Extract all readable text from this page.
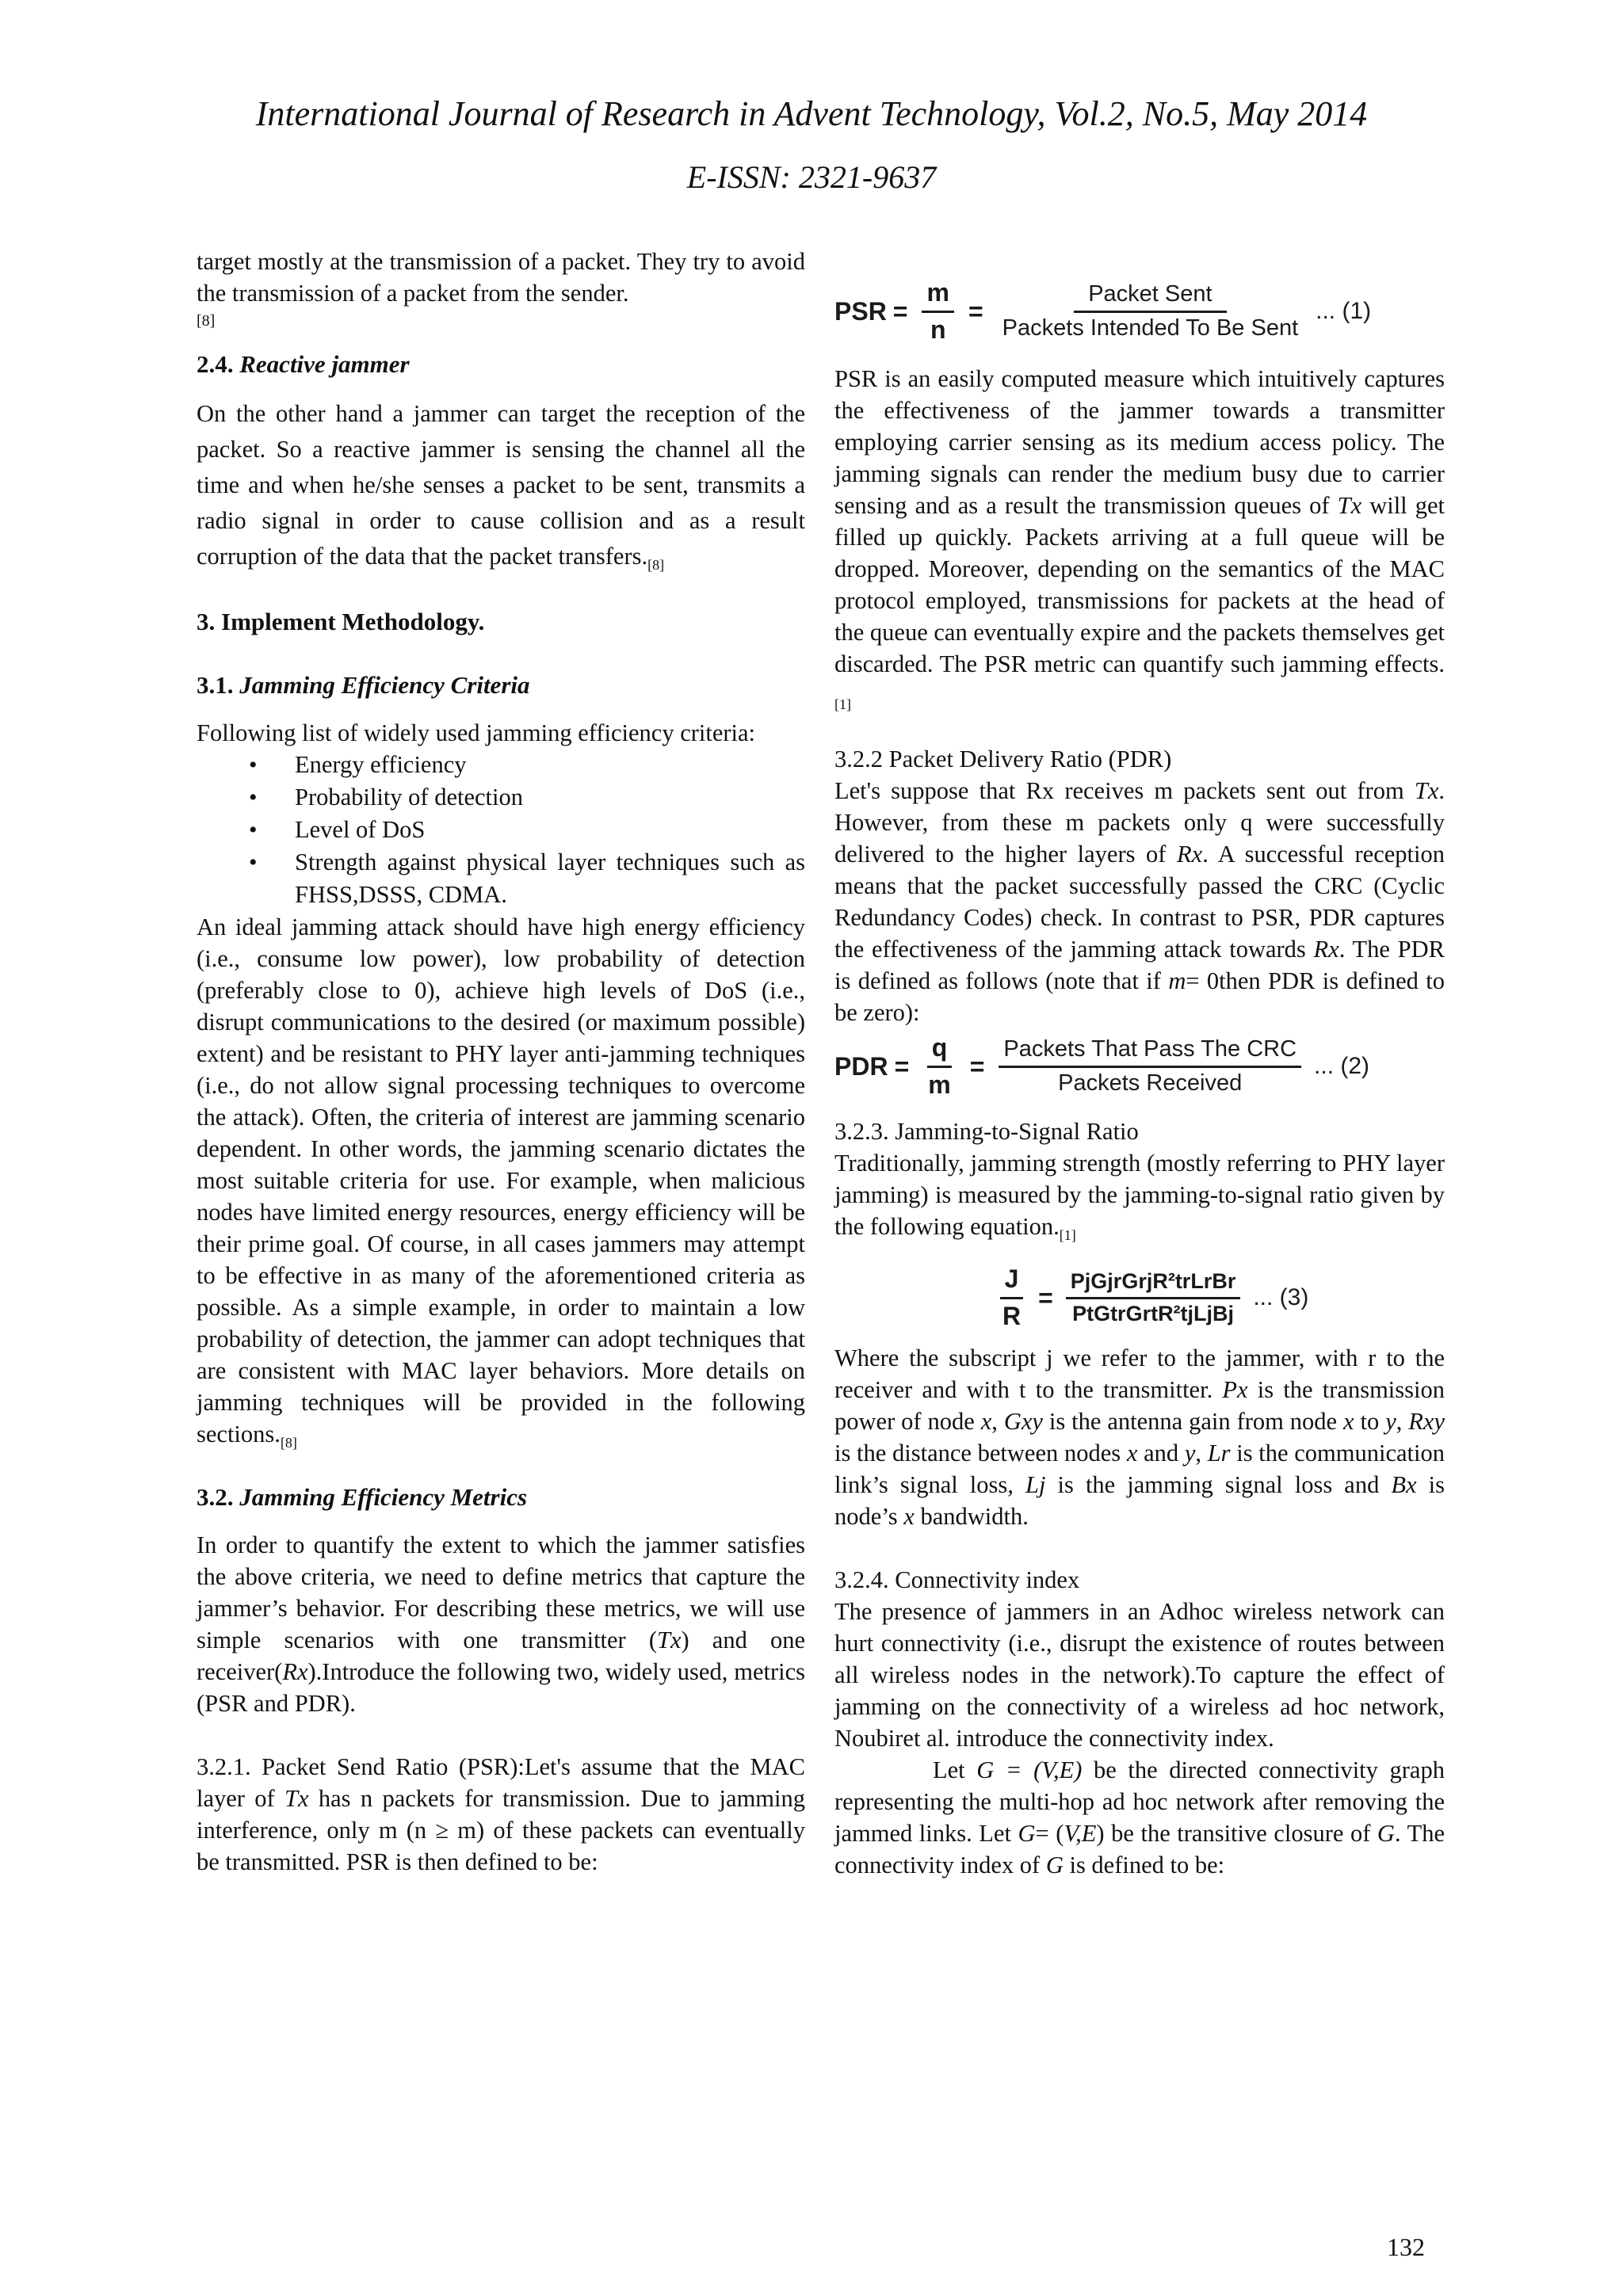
International Journal of Research in Advent Technology, Vol.2, No.5, May 2014
E-ISSN: 2321-9637

target mostly at the transmission of a packet. They try to avoid the transmission of a packet from the sender.

[8]

2.4. Reactive jammer

On the other hand a jammer can target the reception of the packet. So a reactive jammer is sensing the channel all the time and when he/she senses a packet to be sent, transmits a radio signal in order to cause collision and as a result corruption of the data that the packet $transfers._{[8]}$

3. Implement Methodology.

3.1. Jamming Efficiency Criteria

Following list of widely used jamming efficiency criteria:

• Energy efficiency
• Probability of detection
• Level of DoS
• Strength against physical layer techniques such as FHSS,DSSS, CDMA.

An ideal jamming attack should have high energy efficiency (i.e., consume low power), low probability of detection (preferably close to 0), achieve high levels of DoS (i.e., disrupt communications to the desired (or maximum possible) extent) and be resistant to PHY layer anti-jamming techniques (i.e., do not allow signal processing techniques to overcome the attack). Often, the criteria of interest are jamming scenario dependent. In other words, the jamming scenario dictates the most suitable criteria for use. For example, when malicious nodes have limited energy resources, energy efficiency will be their prime goal. Of course, in all cases jammers may attempt to be effective in as many of the aforementioned criteria as possible. As a simple example, in order to maintain a low probability of detection, the jammer can adopt techniques that are consistent with MAC layer behaviors. More details on jamming techniques will be provided in the following $sections._{[8]}$

3.2. Jamming Efficiency Metrics

In order to quantify the extent to which the jammer satisfies the above criteria, we need to define metrics that capture the jammer’s behavior. For describing these metrics, we will use simple scenarios with one transmitter (Tx) and one receiver(Rx).Introduce the following two, widely used, metrics (PSR and PDR).

3.2.1. Packet Send Ratio (PSR):Let's assume that the MAC layer of Tx has n packets for transmission. Due to jamming interference, only m (n ≥ m) of these packets can eventually be transmitted. PSR is then defined to be:

PSR = $\frac{m}{n} = \frac{\text{Packet Sent}}{\text{Packets Intended To Be Sent}}$ ... (1)

PSR is an easily computed measure which intuitively captures the effectiveness of the jammer towards a transmitter employing carrier sensing as its medium access policy. The jamming signals can render the medium busy due to carrier sensing and as a result the transmission queues of Tx will get filled up quickly. Packets arriving at a full queue will be dropped. Moreover, depending on the semantics of the MAC protocol employed, transmissions for packets at the head of the queue can eventually expire and the packets themselves get discarded. The PSR metric can quantify such jamming $effects._{[1]}$

3.2.2 Packet Delivery Ratio (PDR)

Let's suppose that Rx receives m packets sent out from Tx. However, from these m packets only q were successfully delivered to the higher layers of Rx. A successful reception means that the packet successfully passed the CRC (Cyclic Redundancy Codes) check. In contrast to PSR, PDR captures the effectiveness of the jamming attack towards Rx. The PDR is defined as follows (note that if m= 0then PDR is defined to be zero):

PDR = $\frac{q}{m} = \frac{\text{Packets That Pass The CRC}}{\text{Packets Received}}$ ... (2)

3.2.3. Jamming-to-Signal Ratio

Traditionally, jamming strength (mostly referring to PHY layer jamming) is measured by the jamming-to-signal ratio given by the following $equation._{[1]}$

$\frac{J}{R} = \frac{\text{PjGjrGrjR²trLrBr}}{\text{PtGtrGrtR²tjLjBj}}$ ... (3)

Where the subscript j we refer to the jammer, with r to the receiver and with t to the transmitter. Px is the transmission power of node x, Gxy is the antenna gain from node x to y, Rxy is the distance between nodes x and y, Lr is the communication link’s signal loss, Lj is the jamming signal loss and Bx is node’s x bandwidth.

3.2.4. Connectivity index

The presence of jammers in an Adhoc wireless network can hurt connectivity (i.e., disrupt the existence of routes between all wireless nodes in the network).To capture the effect of jamming on the connectivity of a wireless ad hoc network, Noubiret al. introduce the connectivity index.

Let G = (V,E) be the directed connectivity graph representing the multi-hop ad hoc network after removing the jammed links. Let G= (V,E) be the transitive closure of G. The connectivity index of G is defined to be:

132
